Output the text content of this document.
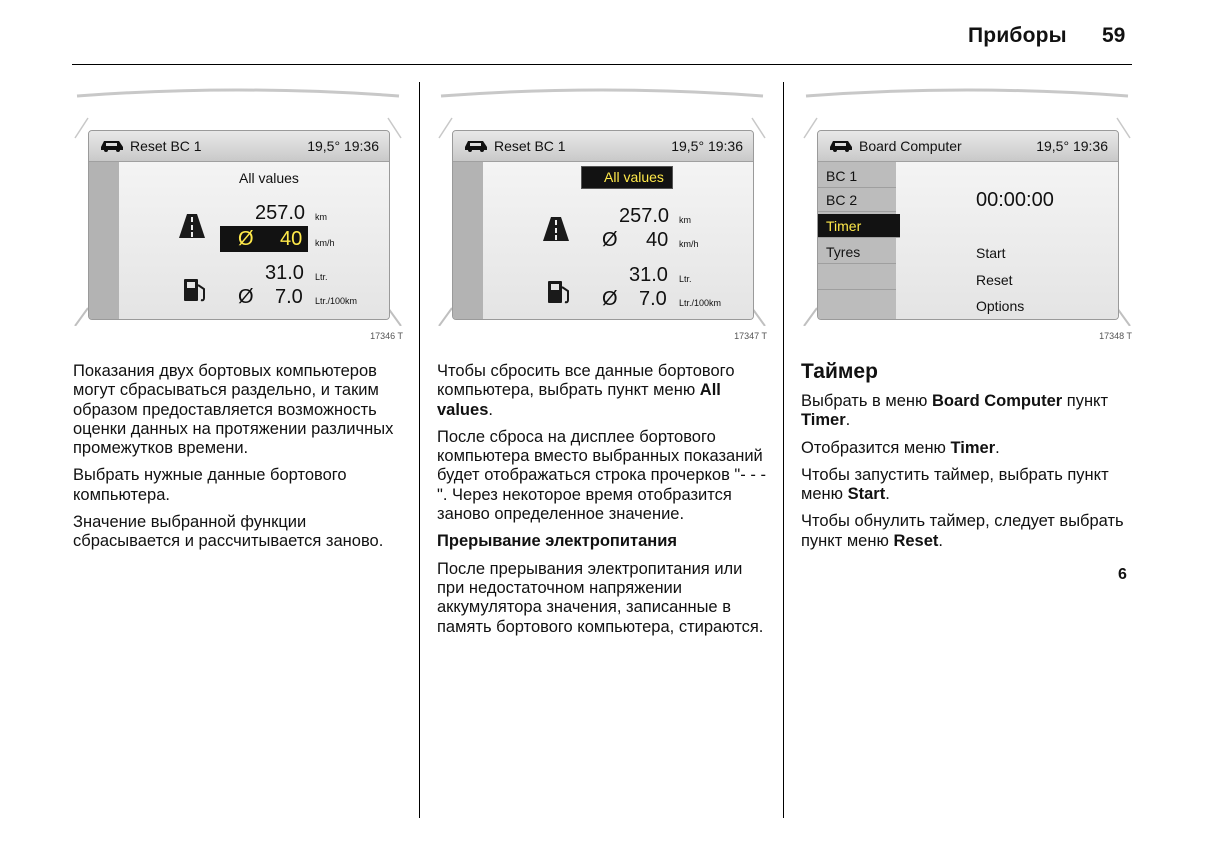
Приборы 59
Reset BC 1	19,5° 19:36
All values
257.0 km
Ø 40 km/h
31.0 Ltr.
Ø 7.0 Ltr./100km
17346 T
Reset BC 1	19,5° 19:36
All values
257.0 km
Ø 40 km/h
31.0 Ltr.
Ø 7.0 Ltr./100km
17347 T
Board Computer	19,5° 19:36
00:00:00
Start
Reset
Options
BC 1
BC 2
Timer
Tyres
17348 T

Показания двух бортовых компьютеров могут сбрасываться раздельно, и таким образом предоставляется возможность оценки данных на протяжении различных промежутков времени.

Выбрать нужные данные бортового компьютера.

Значение выбранной функции сбрасывается и рассчитывается заново.

Чтобы сбросить все данные бортового компьютера, выбрать пункт меню All values.

После сброса на дисплее бортового компьютера вместо выбранных показаний будет отображаться строка прочерков "- - -". Через некоторое время отобразится заново определенное значение.

Прерывание электропитания

После прерывания электропитания или при недостаточном напряжении аккумулятора значения, записанные в память бортового компьютера, стираются.

Таймер

Выбрать в меню Board Computer пункт Timer.

Отобразится меню Timer.

Чтобы запустить таймер, выбрать пункт меню Start.

Чтобы обнулить таймер, следует выбрать пункт меню Reset.

6
